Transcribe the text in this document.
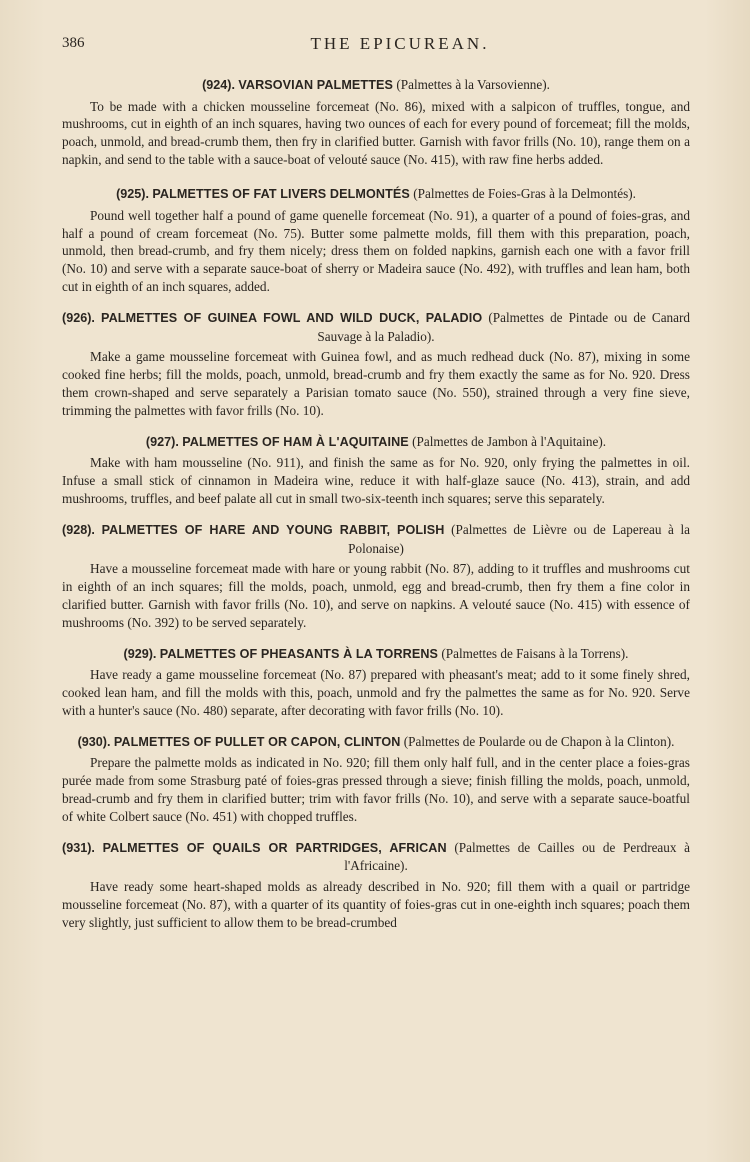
386	THE EPICUREAN.

(924). VARSOVIAN PALMETTES (Palmettes à la Varsovienne).

To be made with a chicken mousseline forcemeat (No. 86), mixed with a salpicon of truffles, tongue, and mushrooms, cut in eighth of an inch squares, having two ounces of each for every pound of forcemeat; fill the molds, poach, unmold, and bread-crumb them, then fry in clarified butter. Garnish with favor frills (No. 10), range them on a napkin, and send to the table with a sauce-boat of velouté sauce (No. 415), with raw fine herbs added.

(925). PALMETTES OF FAT LIVERS DELMONTÉS (Palmettes de Foies-Gras à la Delmontés).

Pound well together half a pound of game quenelle forcemeat (No. 91), a quarter of a pound of foies-gras, and half a pound of cream forcemeat (No. 75). Butter some palmette molds, fill them with this preparation, poach, unmold, then bread-crumb, and fry them nicely; dress them on folded napkins, garnish each one with a favor frill (No. 10) and serve with a separate sauce-boat of sherry or Madeira sauce (No. 492), with truffles and lean ham, both cut in eighth of an inch squares, added.

(926). PALMETTES OF GUINEA FOWL AND WILD DUCK, PALADIO (Palmettes de Pintade ou de Canard Sauvage à la Paladio).

Make a game mousseline forcemeat with Guinea fowl, and as much redhead duck (No. 87), mixing in some cooked fine herbs; fill the molds, poach, unmold, bread-crumb and fry them exactly the same as for No. 920. Dress them crown-shaped and serve separately a Parisian tomato sauce (No. 550), strained through a very fine sieve, trimming the palmettes with favor frills (No. 10).

(927). PALMETTES OF HAM À L'AQUITAINE (Palmettes de Jambon à l'Aquitaine).

Make with ham mousseline (No. 911), and finish the same as for No. 920, only frying the palmettes in oil. Infuse a small stick of cinnamon in Madeira wine, reduce it with half-glaze sauce (No. 413), strain, and add mushrooms, truffles, and beef palate all cut in small two-six-teenth inch squares; serve this separately.

(928). PALMETTES OF HARE AND YOUNG RABBIT, POLISH (Palmettes de Lièvre ou de Lapereau à la Polonaise)

Have a mousseline forcemeat made with hare or young rabbit (No. 87), adding to it truffles and mushrooms cut in eighth of an inch squares; fill the molds, poach, unmold, egg and bread-crumb, then fry them a fine color in clarified butter. Garnish with favor frills (No. 10), and serve on napkins. A velouté sauce (No. 415) with essence of mushrooms (No. 392) to be served separately.

(929). PALMETTES OF PHEASANTS À LA TORRENS (Palmettes de Faisans à la Torrens).

Have ready a game mousseline forcemeat (No. 87) prepared with pheasant's meat; add to it some finely shred, cooked lean ham, and fill the molds with this, poach, unmold and fry the palmettes the same as for No. 920. Serve with a hunter's sauce (No. 480) separate, after decorating with favor frills (No. 10).

(930). PALMETTES OF PULLET OR CAPON, CLINTON (Palmettes de Poularde ou de Chapon à la Clinton).

Prepare the palmette molds as indicated in No. 920; fill them only half full, and in the center place a foies-gras purée made from some Strasburg paté of foies-gras pressed through a sieve; finish filling the molds, poach, unmold, bread-crumb and fry them in clarified butter; trim with favor frills (No. 10), and serve with a separate sauce-boatful of white Colbert sauce (No. 451) with chopped truffles.

(931). PALMETTES OF QUAILS OR PARTRIDGES, AFRICAN (Palmettes de Cailles ou de Perdreaux à l'Africaine).

Have ready some heart-shaped molds as already described in No. 920; fill them with a quail or partridge mousseline forcemeat (No. 87), with a quarter of its quantity of foies-gras cut in one-eighth inch squares; poach them very slightly, just sufficient to allow them to be bread-crumbed
